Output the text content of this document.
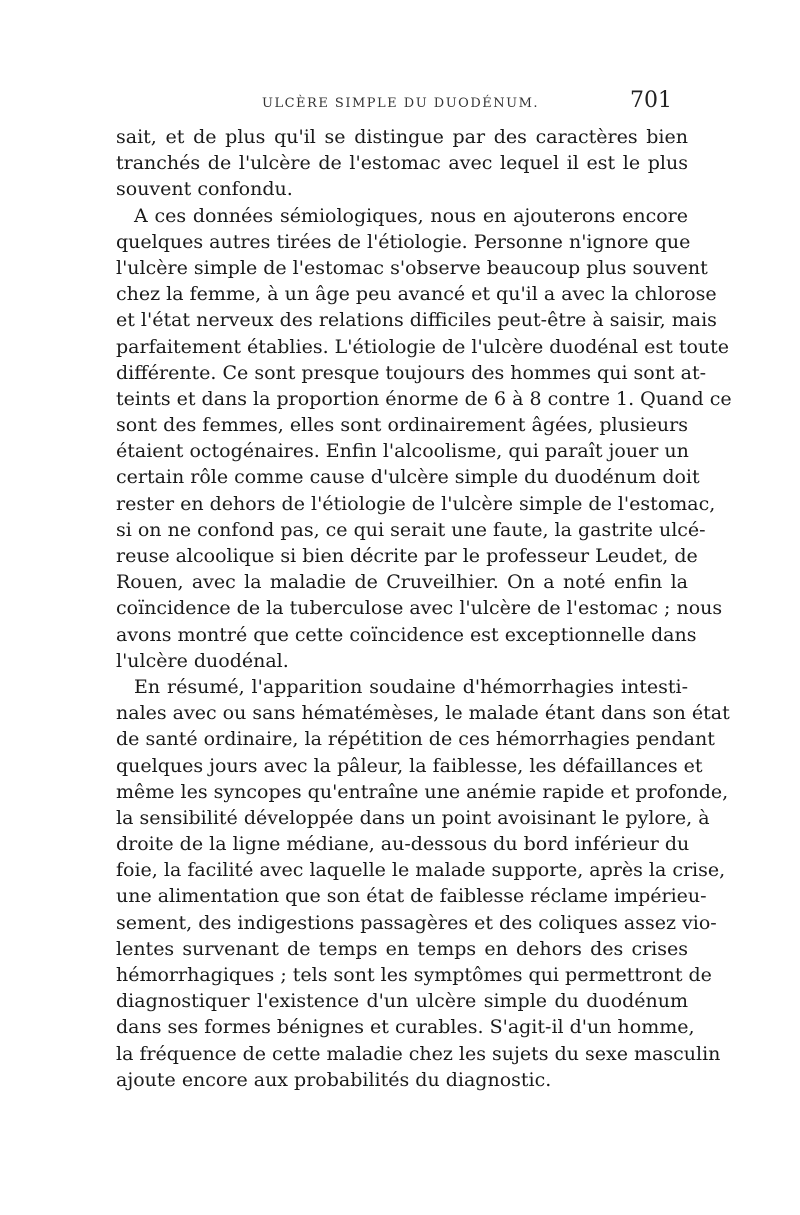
ULCÈRE SIMPLE DU DUODÉNUM.	701
sait, et de plus qu'il se distingue par des caractères bien
tranchés de l'ulcère de l'estomac avec lequel il est le plus
souvent confondu.
A ces données sémiologiques, nous en ajouterons encore
quelques autres tirées de l'étiologie. Personne n'ignore que
l'ulcère simple de l'estomac s'observe beaucoup plus souvent
chez la femme, à un âge peu avancé et qu'il a avec la chlorose
et l'état nerveux des relations difficiles peut-être à saisir, mais
parfaitement établies. L'étiologie de l'ulcère duodénal est toute
différente. Ce sont presque toujours des hommes qui sont at-
teints et dans la proportion énorme de 6 à 8 contre 1. Quand ce
sont des femmes, elles sont ordinairement âgées, plusieurs
étaient octogénaires. Enfin l'alcoolisme, qui paraît jouer un
certain rôle comme cause d'ulcère simple du duodénum doit
rester en dehors de l'étiologie de l'ulcère simple de l'estomac,
si on ne confond pas, ce qui serait une faute, la gastrite ulcé-
reuse alcoolique si bien décrite par le professeur Leudet, de
Rouen, avec la maladie de Cruveilhier. On a noté enfin la
coïncidence de la tuberculose avec l'ulcère de l'estomac ; nous
avons montré que cette coïncidence est exceptionnelle dans
l'ulcère duodénal.
En résumé, l'apparition soudaine d'hémorrhagies intesti-
nales avec ou sans hématémèses, le malade étant dans son état
de santé ordinaire, la répétition de ces hémorrhagies pendant
quelques jours avec la pâleur, la faiblesse, les défaillances et
même les syncopes qu'entraîne une anémie rapide et profonde,
la sensibilité développée dans un point avoisinant le pylore, à
droite de la ligne médiane, au-dessous du bord inférieur du
foie, la facilité avec laquelle le malade supporte, après la crise,
une alimentation que son état de faiblesse réclame impérieu-
sement, des indigestions passagères et des coliques assez vio-
lentes survenant de temps en temps en dehors des crises
hémorrhagiques ; tels sont les symptômes qui permettront de
diagnostiquer l'existence d'un ulcère simple du duodénum
dans ses formes bénignes et curables. S'agit-il d'un homme,
la fréquence de cette maladie chez les sujets du sexe masculin
ajoute encore aux probabilités du diagnostic.
